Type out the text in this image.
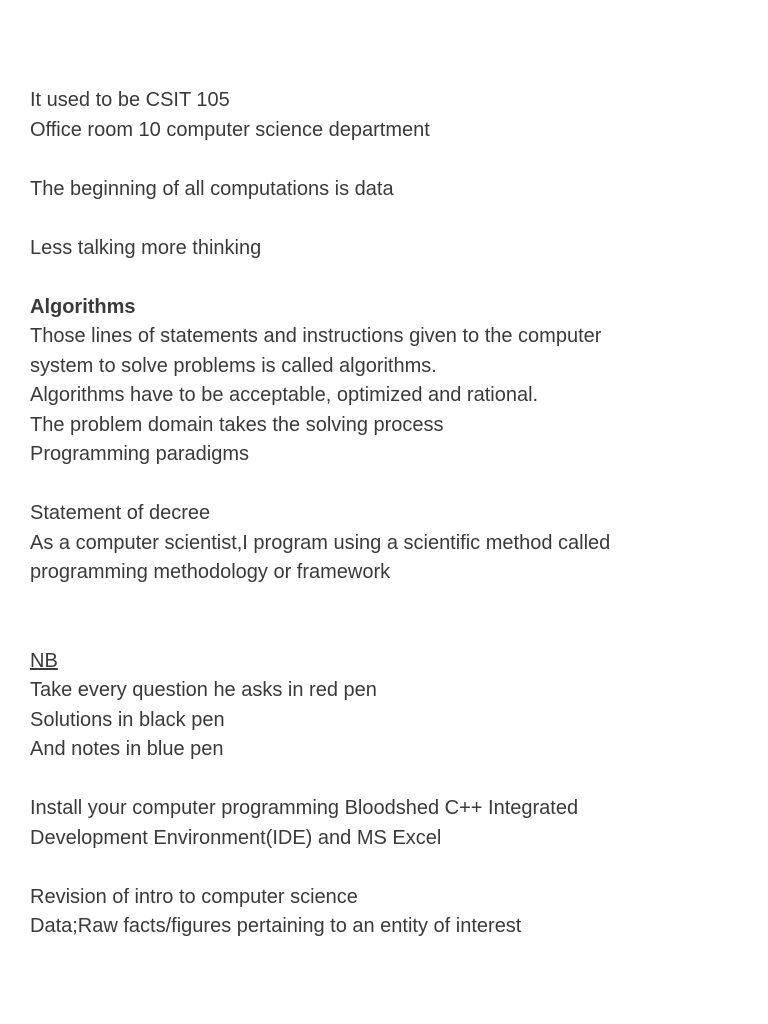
It used to be CSIT 105
Office room 10 computer science department
The beginning of all computations is data
Less talking more thinking
Algorithms
Those lines of statements and instructions given to the computer
system to solve problems is called algorithms.
Algorithms have to be acceptable, optimized and rational.
The problem domain takes the solving process
Programming paradigms
Statement of decree
As a computer scientist,I program using a scientific method called
programming methodology or framework
NB
Take every question he asks in red pen
Solutions in black pen
And notes in blue pen
Install your computer programming Bloodshed C++ Integrated
Development Environment(IDE) and MS Excel
Revision of intro to computer science
Data;Raw facts/figures pertaining to an entity of interest
